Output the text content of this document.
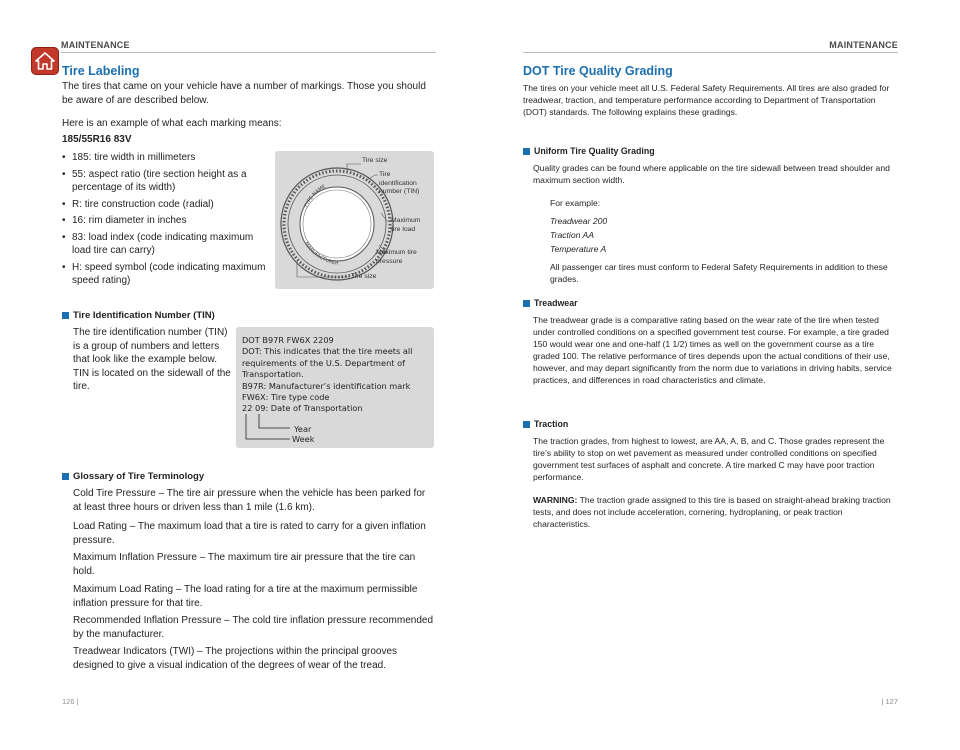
MAINTENANCE	MAINTENANCE
Tire Labeling
The tires that came on your vehicle have a number of markings. Those you should be aware of are described below.
Here is an example of what each marking means:
185/55R16 83V
• 185: tire width in millimeters
• 55: aspect ratio (tire section height as a percentage of its width)
• R: tire construction code (radial)
• 16: rim diameter in inches
• 83: load index (code indicating maximum load tire can carry)
• H: speed symbol (code indicating maximum speed rating)
TYPE NAME
MANUFACTURER
Tire size
Tire identification number (TIN)
Maximum tire load
Maximum tire pressure
Tire size
Tire Identification Number (TIN)
The tire identification number (TIN) is a group of numbers and letters that look like the example below. TIN is located on the sidewall of the tire.
DOT B97R FW6X 2209
DOT: This indicates that the tire meets all
requirements of the U.S. Department of
Transportation.
B97R: Manufacturer’s identification mark
FW6X: Tire type code
22 09: Date of Transportation
Year
Week
Glossary of Tire Terminology
Cold Tire Pressure – The tire air pressure when the vehicle has been parked for at least three hours or driven less than 1 mile (1.6 km).
Load Rating – The maximum load that a tire is rated to carry for a given inflation pressure.
Maximum Inflation Pressure – The maximum tire air pressure that the tire can hold.
Maximum Load Rating – The load rating for a tire at the maximum permissible inflation pressure for that tire.
Recommended Inflation Pressure – The cold tire inflation pressure recommended by the manufacturer.
Treadwear Indicators (TWI) – The projections within the principal grooves designed to give a visual indication of the degrees of wear of the tread.
126 |
DOT Tire Quality Grading
The tires on your vehicle meet all U.S. Federal Safety Requirements. All tires are also graded for treadwear, traction, and temperature performance according to Department of Transportation (DOT) standards. The following explains these gradings.
Uniform Tire Quality Grading
Quality grades can be found where applicable on the tire sidewall between tread shoulder and maximum section width.
For example:
Treadwear 200
Traction AA
Temperature A
All passenger car tires must conform to Federal Safety Requirements in addition to these grades.
Treadwear
The treadwear grade is a comparative rating based on the wear rate of the tire when tested under controlled conditions on a specified government test course. For example, a tire graded 150 would wear one and one-half (1 1/2) times as well on the government course as a tire graded 100. The relative performance of tires depends upon the actual conditions of their use, however, and may depart significantly from the norm due to variations in driving habits, service practices, and differences in road characteristics and climate.
Traction
The traction grades, from highest to lowest, are AA, A, B, and C. Those grades represent the tire’s ability to stop on wet pavement as measured under controlled conditions on specified government test surfaces of asphalt and concrete. A tire marked C may have poor traction performance.
WARNING: The traction grade assigned to this tire is based on straight-ahead braking traction tests, and does not include acceleration, cornering, hydroplaning, or peak traction characteristics.
| 127
